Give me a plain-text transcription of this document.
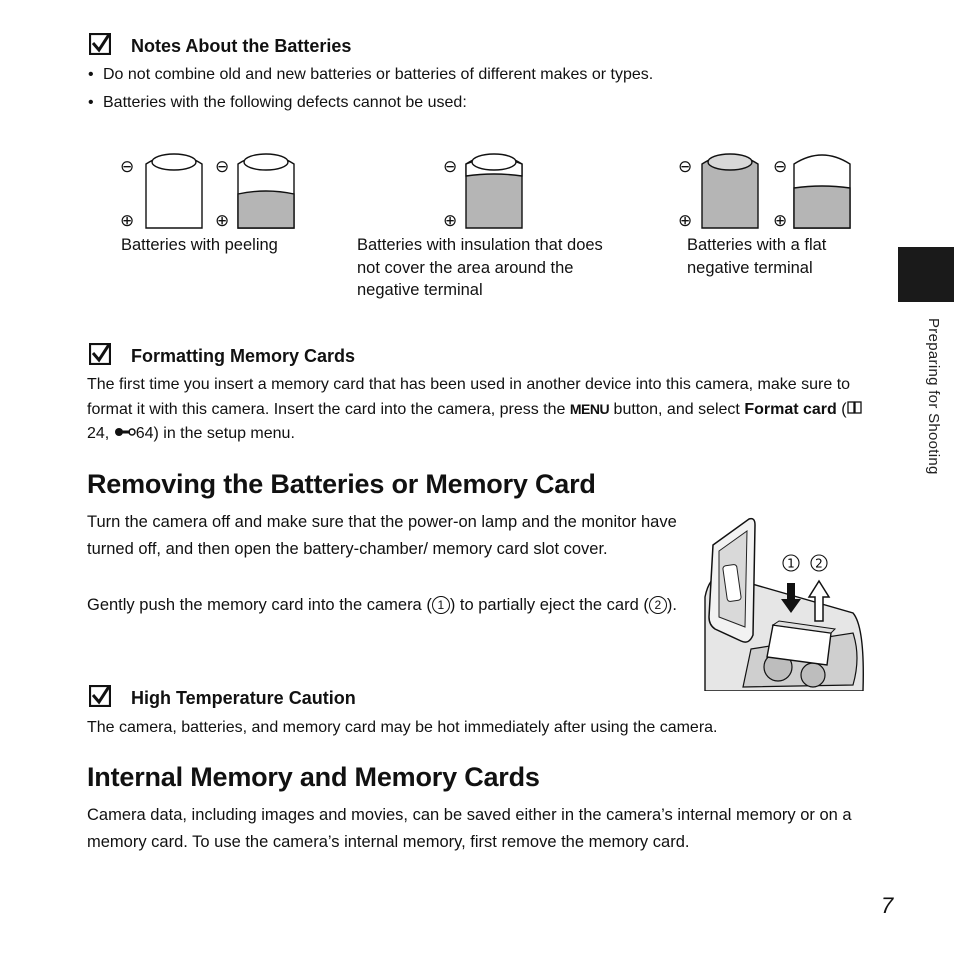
Notes About the Batteries
• Do not combine old and new batteries or batteries of different makes or types.
• Batteries with the following defects cannot be used:
⊖
⊕
⊖
⊕
⊖
⊕
⊖
⊕
⊖
⊕
Batteries with peeling	Batteries with insulation that does not cover the area around the negative terminal
Batteries with a flat negative terminal
Formatting Memory Cards
The first time you insert a memory card that has been used in another device into this camera, make sure to format it with this camera. Insert the card into the camera, press the MENU button, and select Format card ( 24, 64) in the setup menu.
Removing the Batteries or Memory Card
Turn the camera off and make sure that the power-on lamp and the monitor have turned off, and then open the battery-chamber/ memory card slot cover.
Gently push the memory card into the camera ( 1 ) to partially eject the card ( 2 ).
1 2
High Temperature Caution
The camera, batteries, and memory card may be hot immediately after using the camera.
Internal Memory and Memory Cards
Camera data, including images and movies, can be saved either in the camera’s internal memory or on a memory card. To use the camera’s internal memory, first remove the memory card.
Preparing for Shooting
7
